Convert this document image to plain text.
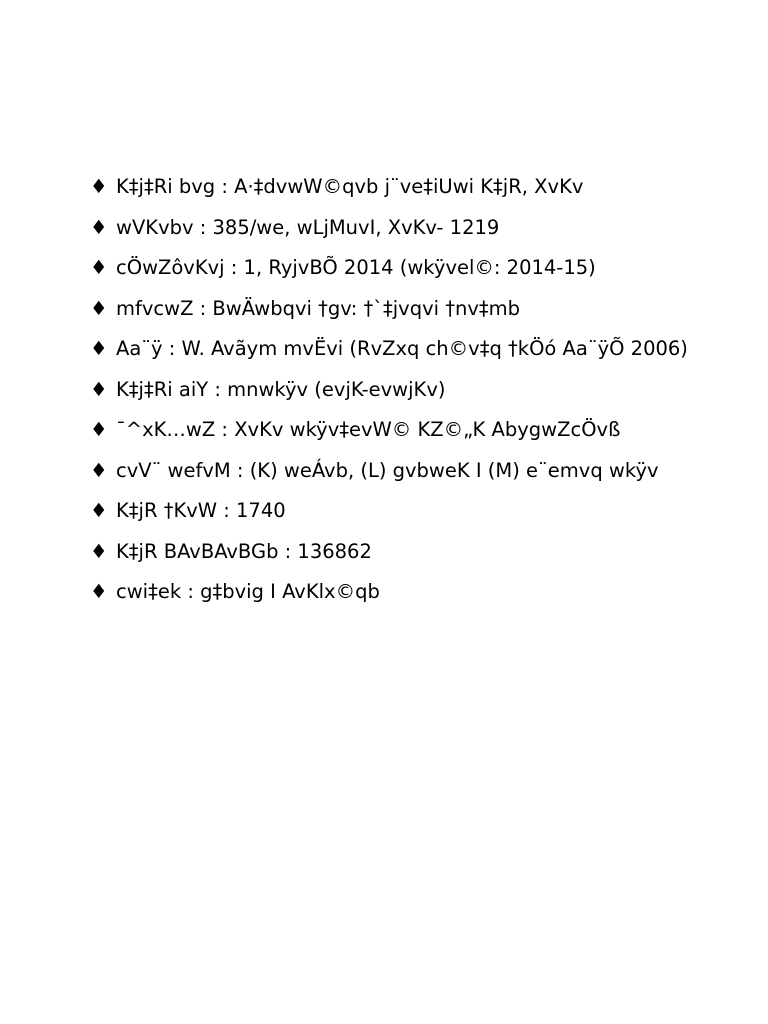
♦ K‡j‡Ri bvg : A·‡dvwW©qvb j¨ve‡iUwi K‡jR, XvKv
♦ wVKvbv : 385/we, wLjMuvI, XvKv- 1219
♦ cÖwZôvKvj : 1, RyjvBÕ 2014 (wkÿvel©: 2014-15)
♦ mfvcwZ : BwÄwbqvi †gv: †`‡jvqvi †nv‡mb
♦ Aa¨ÿ : W. Avãym mvËvi (RvZxq ch©v‡q †kÖó Aa¨ÿÕ 2006)
♦ K‡j‡Ri aiY : mnwkÿv (evjK-evwjKv)
♦ ¯^xK…wZ : XvKv wkÿv‡evW© KZ©„K AbygwZcÖvß
♦ cvV¨ wefvM : (K) weÁvb, (L) gvbweK I (M) e¨emvq wkÿv
♦ K‡jR †KvW : 1740
♦ K‡jR BAvBAvBGb : 136862
♦ cwi‡ek : g‡bvig I AvKlx©qb
